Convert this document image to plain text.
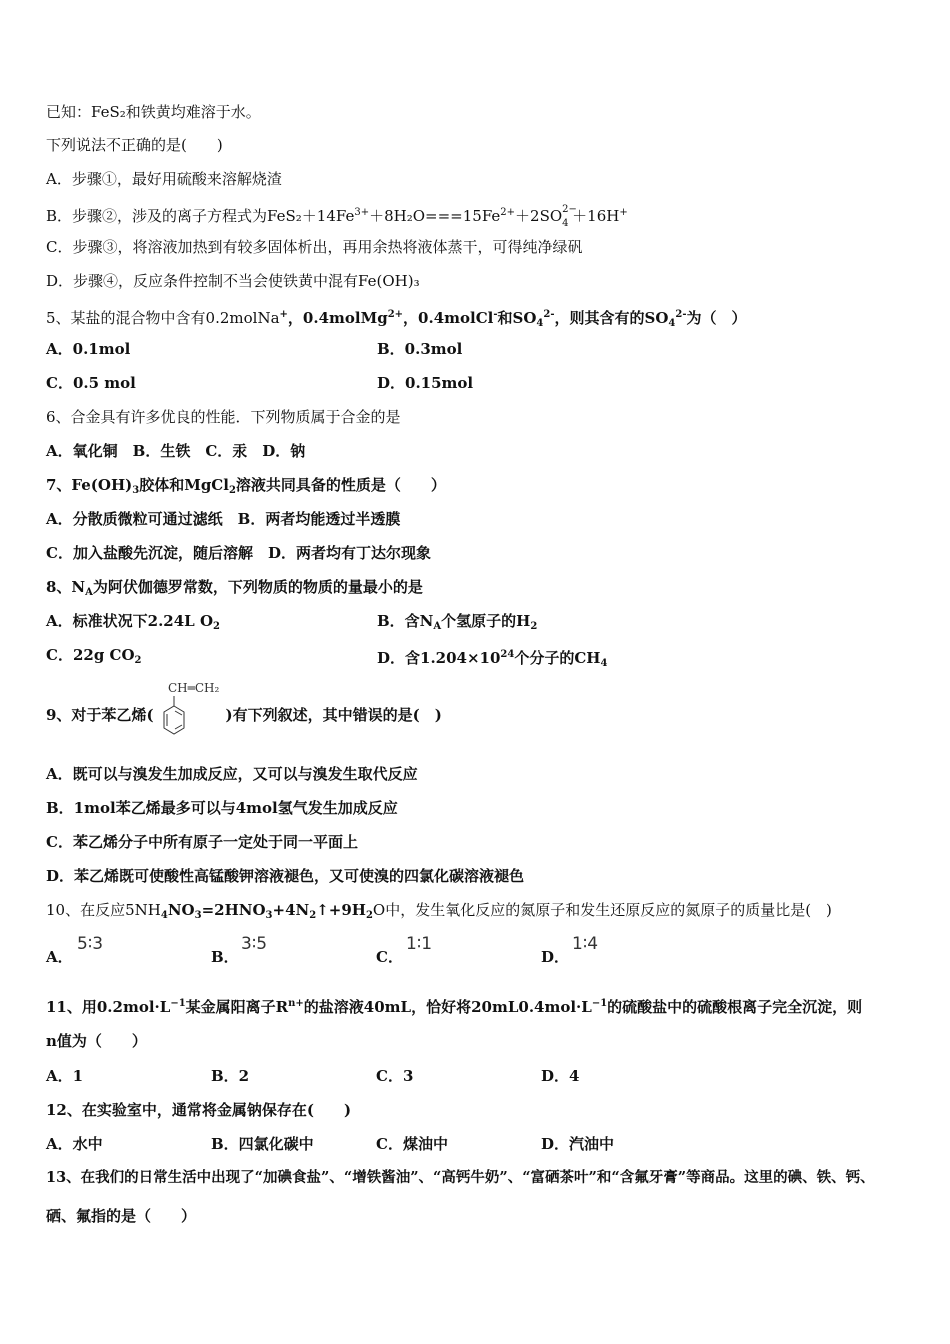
已知：FeS₂和铁黄均难溶于水。
下列说法不正确的是(　　)
A．步骤①，最好用硫酸来溶解烧渣
B．步骤②，涉及的离子方程式为$FeS_2+14Fe^{3+}+8H_2O===15Fe^{2+}+2SO$ 2−
4 ＋16H+
C．步骤③，将溶液加热到有较多固体析出，再用余热将液体蒸干，可得纯净绿矾
D．步骤④，反应条件控制不当会使铁黄中混有Fe(OH)₃
5、某盐的混合物中含有0.2molNa+，0.4molMg$^{2+}$，0.4molCl-和$SO_4^{2-}$，则其含有的$SO_4^{2-}$为（　）
A．0.1mol	B．0.3mol
C．0.5 mol	D．0.15mol
6、合金具有许多优良的性能．下列物质属于合金的是
A．氧化铜　B．生铁　C．汞　D．钠
7、$Fe(OH)_3$胶体和MgCl$_2$溶液共同具备的性质是（　　）
A．分散质微粒可通过滤纸　B．两者均能透过半透膜
C．加入盐酸先沉淀，随后溶解　D．两者均有丁达尔现象
8、$N_A$为阿伏伽德罗常数，下列物质的物质的量最小的是
A．标准状况下2.24L $O_2$	B．含$N_A$个氢原子的$H_2$
C．22g $CO_2$	D．含$1.204\times 10^{24}$个分子的$CH_4$
9、对于苯乙烯(	)有下列叙述，其中错误的是(　)
CH═CH₂
A．既可以与溴发生加成反应，又可以与溴发生取代反应
B．1mol苯乙烯最多可以与4mol氢气发生加成反应
C．苯乙烯分子中所有原子一定处于同一平面上
D．苯乙烯既可使酸性高锰酸钾溶液褪色，又可使溴的四氯化碳溶液褪色
10、在反应$5NH_4NO_3=2HNO_3+4N_2↑+9H_2O$中，发生氧化反应的氮原子和发生还原反应的氮原子的质量比是(　)
A．
5∶3
B．
3∶5
C．
1∶1
D．
1∶4
11、用$0.2mol\cdot L^{-1}$某金属阳离子$R^{n+}$的盐溶液40mL，恰好将$20mL0.4mol\cdot L^{-1}$的硫酸盐中的硫酸根离子完全沉淀，则
n值为（　　）
A．1	B．2	C．3	D．4
12、在实验室中，通常将金属钠保存在(　　)
A．水中	B．四氯化碳中	C．煤油中	D．汽油中
13、在我们的日常生活中出现了“加碘食盐”、“增铁酱油”、“高钙牛奶”、“富硒茶叶”和“含氟牙膏”等商品。这里的碘、铁、钙、
硒、氟指的是（　　）
